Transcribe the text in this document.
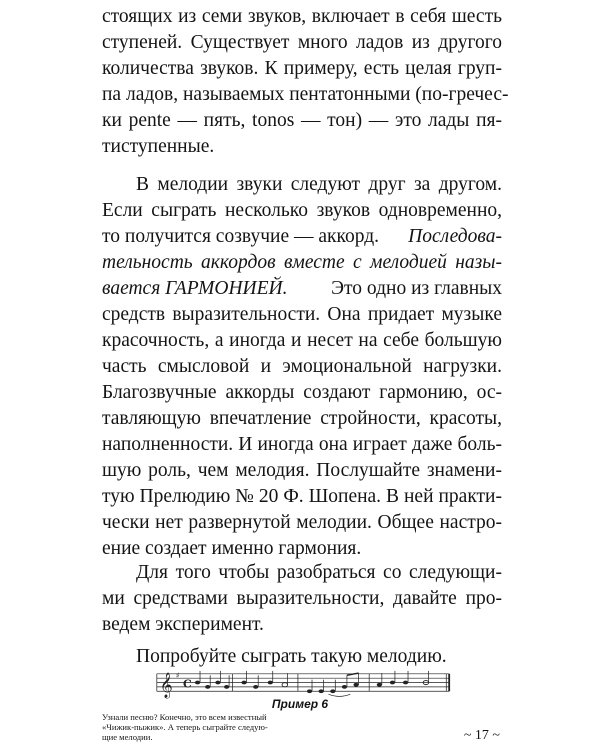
стоящих из семи звуков, включает в себя шесть
ступеней. Существует много ладов из другого
количества звуков. К примеру, есть целая груп-
па ладов, называемых пентатонными (по-гречес-
ки pente — пять, tonos — тон) — это лады пя-
тиступенные.
В мелодии звуки следуют друг за другом.
Если сыграть несколько звуков одновременно,
то получится созвучие — аккорд. Последова-
тельность аккордов вместе с мелодией назы-
вается ГАРМОНИЕЙ. Это одно из главных
средств выразительности. Она придает музыке
красочность, а иногда и несет на себе большую
часть смысловой и эмоциональной нагрузки.
Благозвучные аккорды создают гармонию, ос-
тавляющую впечатление стройности, красоты,
наполненности. И иногда она играет даже боль-
шую роль, чем мелодия. Послушайте знамени-
тую Прелюдию № 20 Ф. Шопена. В ней практи-
чески нет развернутой мелодии. Общее настро-
ение создает именно гармония.
𝄞 ♯
C
Для того чтобы разобраться со следующи-
ми средствами выразительности, давайте про-
ведем эксперимент.
Попробуйте сыграть такую мелодию.
Пример 6
Узнали песню? Конечно, это всем известный
«Чижик-пыжик». А теперь сыграйте следую-
щие мелодии.	~ 17 ~
